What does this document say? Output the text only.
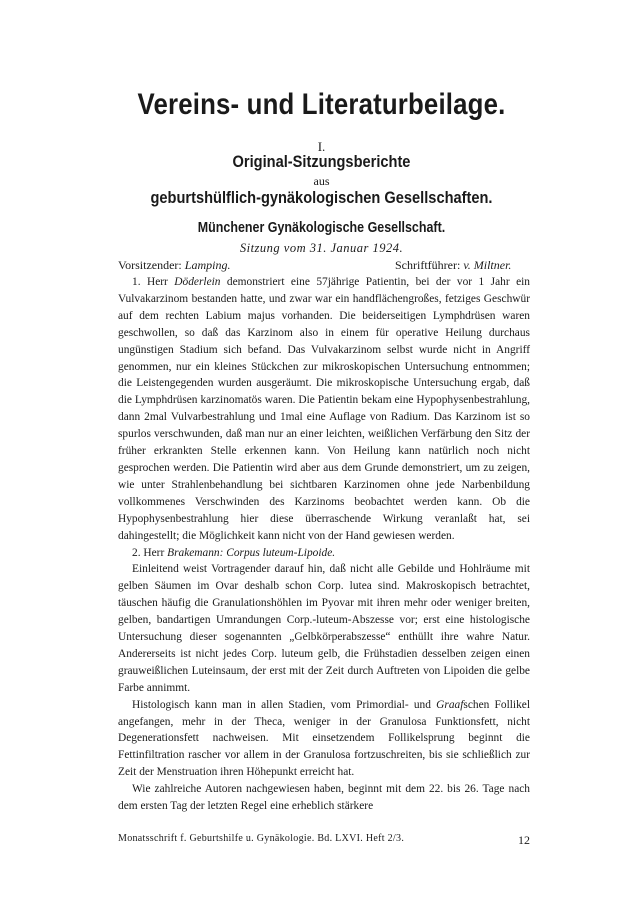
Vereins- und Literaturbeilage.
I.
Original-Sitzungsberichte
aus
geburtshülflich-gynäkologischen Gesellschaften.
Münchener Gynäkologische Gesellschaft.
Sitzung vom 31. Januar 1924.
Vorsitzender: Lamping.	Schriftführer: v. Miltner.

1. Herr Döderlein demonstriert eine 57jährige Patientin, bei der vor 1 Jahr ein Vulvakarzinom bestanden hatte, und zwar war ein handflächengroßes, fetziges Geschwür auf dem rechten Labium majus vorhanden. Die beiderseitigen Lymphdrüsen waren geschwollen, so daß das Karzinom also in einem für operative Heilung durchaus ungünstigen Stadium sich befand. Das Vulvakarzinom selbst wurde nicht in Angriff genommen, nur ein kleines Stückchen zur mikroskopischen Untersuchung entnommen; die Leistengegenden wurden ausgeräumt. Die mikroskopische Untersuchung ergab, daß die Lymphdrüsen karzinomatös waren. Die Patientin bekam eine Hypophysenbestrahlung, dann 2mal Vulvarbestrahlung und 1mal eine Auflage von Radium. Das Karzinom ist so spurlos verschwunden, daß man nur an einer leichten, weißlichen Verfärbung den Sitz der früher erkrankten Stelle erkennen kann. Von Heilung kann natürlich noch nicht gesprochen werden. Die Patientin wird aber aus dem Grunde demonstriert, um zu zeigen, wie unter Strahlenbehandlung bei sichtbaren Karzinomen ohne jede Narbenbildung vollkommenes Verschwinden des Karzinoms beobachtet werden kann. Ob die Hypophysenbestrahlung hier diese überraschende Wirkung veranlaßt hat, sei dahingestellt; die Möglichkeit kann nicht von der Hand gewiesen werden.

2. Herr Brakemann: Corpus luteum-Lipoide.

Einleitend weist Vortragender darauf hin, daß nicht alle Gebilde und Hohlräume mit gelben Säumen im Ovar deshalb schon Corp. lutea sind. Makroskopisch betrachtet, täuschen häufig die Granulationshöhlen im Pyovar mit ihren mehr oder weniger breiten, gelben, bandartigen Umrandungen Corp.-luteum-Abszesse vor; erst eine histologische Untersuchung dieser sogenannten „Gelbkörperabszesse“ enthüllt ihre wahre Natur. Andererseits ist nicht jedes Corp. luteum gelb, die Frühstadien desselben zeigen einen grauweißlichen Luteinsaum, der erst mit der Zeit durch Auftreten von Lipoiden die gelbe Farbe annimmt.

Histologisch kann man in allen Stadien, vom Primordial- und Graafschen Follikel angefangen, mehr in der Theca, weniger in der Granulosa Funktionsfett, nicht Degenerationsfett nachweisen. Mit einsetzendem Follikelsprung beginnt die Fettinfiltration rascher vor allem in der Granulosa fortzuschreiten, bis sie schließlich zur Zeit der Menstruation ihren Höhepunkt erreicht hat.

Wie zahlreiche Autoren nachgewiesen haben, beginnt mit dem 22. bis 26. Tage nach dem ersten Tag der letzten Regel eine erheblich stärkere

Monatsschrift f. Geburtshilfe u. Gynäkologie. Bd. LXVI. Heft 2/3.	12
